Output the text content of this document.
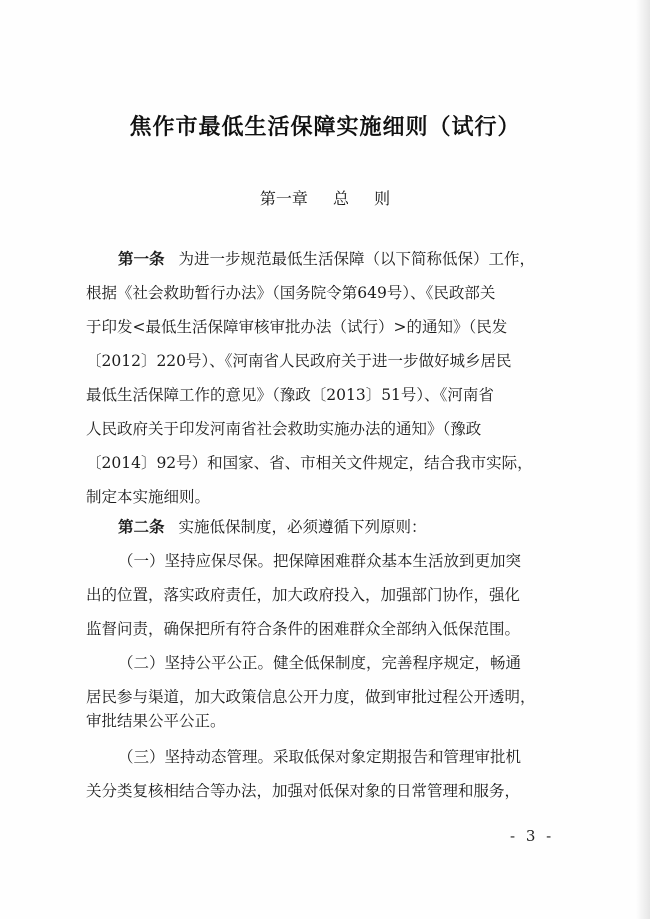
焦作市最低生活保障实施细则（试行）
第一章 总 则
第一条 为进一步规范最低生活保障（以下简称低保）工作，
根据《社会救助暂行办法》（国务院令第649号）、《民政部关
于印发<最低生活保障审核审批办法（试行）>的通知》（民发
〔2012〕220号）、《河南省人民政府关于进一步做好城乡居民
最低生活保障工作的意见》（豫政〔2013〕51号）、《河南省
人民政府关于印发河南省社会救助实施办法的通知》（豫政
〔2014〕92号）和国家、省、市相关文件规定，结合我市实际，
制定本实施细则。
第二条 实施低保制度，必须遵循下列原则：
（一）坚持应保尽保。把保障困难群众基本生活放到更加突
出的位置，落实政府责任，加大政府投入，加强部门协作，强化
监督问责，确保把所有符合条件的困难群众全部纳入低保范围。
（二）坚持公平公正。健全低保制度，完善程序规定，畅通
居民参与渠道，加大政策信息公开力度，做到审批过程公开透明，
审批结果公平公正。
（三）坚持动态管理。采取低保对象定期报告和管理审批机
关分类复核相结合等办法，加强对低保对象的日常管理和服务，
- 3 -
